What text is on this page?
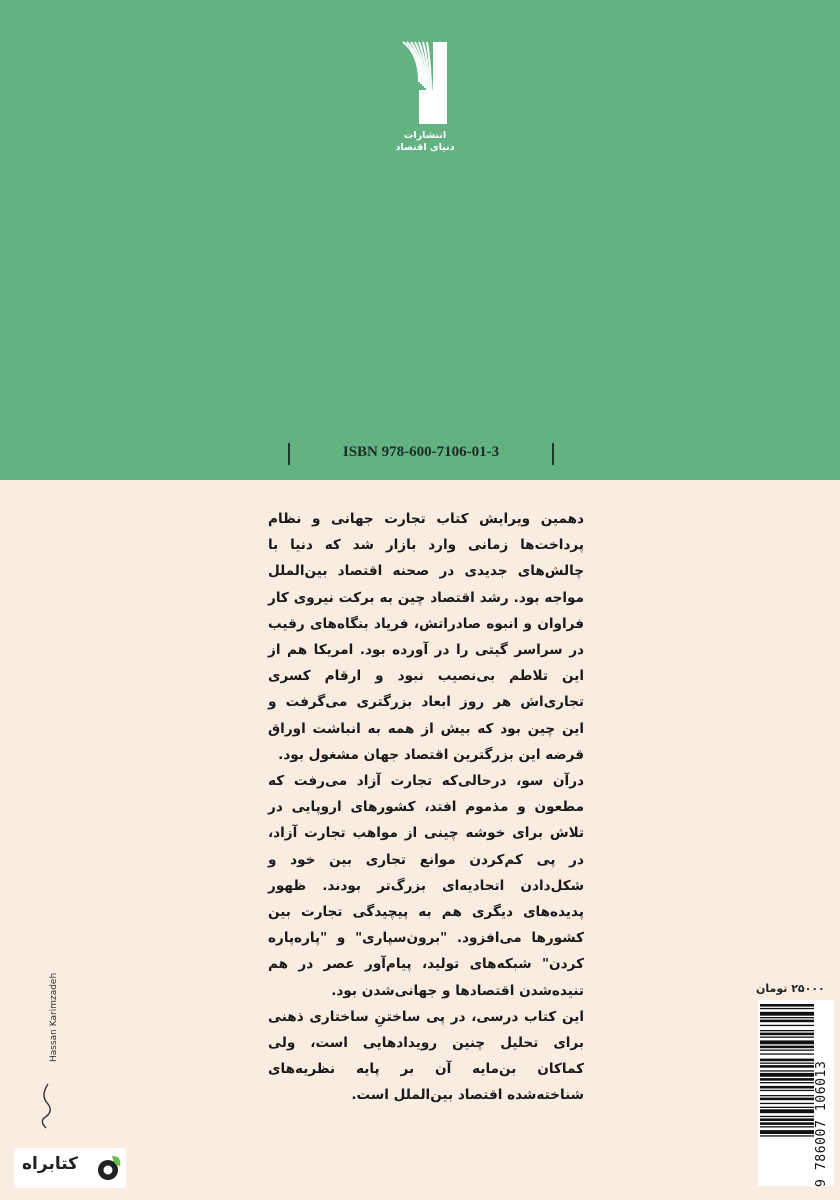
انتشارات
دنیای اقتصاد
ISBN 978-600-7106-01-3

دهمین ویرایش کتاب تجارت جهانی و نظام پرداخت‌ها زمانی وارد بازار شد که دنیا با چالش‌های جدیدی در صحنه اقتصاد بین‌الملل مواجه بود. رشد اقتصاد چین به برکت نیروی کار فراوان و انبوه صادراتش، فریاد بنگاه‌های رقیب در سراسر گیتی را در آورده بود. امریکا هم از این تلاطم بی‌نصیب نبود و ارقام کسری تجاری‌اش هر روز ابعاد بزرگتری می‌گرفت و این چین بود که بیش از همه به انباشت اوراق قرضه این بزرگترین اقتصاد جهان مشغول بود.

درآن سو، درحالی‌که تجارت آزاد می‌رفت که مطعون و مذموم افتد، کشورهای اروپایی در تلاش برای خوشه چینی از مواهب تجارت آزاد، در پی کم‌کردن موانع تجاری بین خود و شکل‌دادن اتحادیه‌ای بزرگ‌تر بودند. ظهور پدیده‌های دیگری هم به پیچیدگی تجارت بین کشورها می‌افزود. "برون‌سپاری" و "پاره‌پاره کردن" شبکه‌های تولید، پیام‌آور عصر در هم تنیده‌شدن اقتصادها و جهانی‌شدن بود.

این کتاب درسی، در پی ساختنِ ساختاری ذهنی برای تحلیل چنین رویدادهایی است، ولی کماکان بن‌مایه آن بر پایه نظریه‌های شناخته‌شده اقتصاد بین‌الملل است.

Hassan Karimzadeh
کتابراه
۲۵۰۰۰ تومان
9 786007 106013
